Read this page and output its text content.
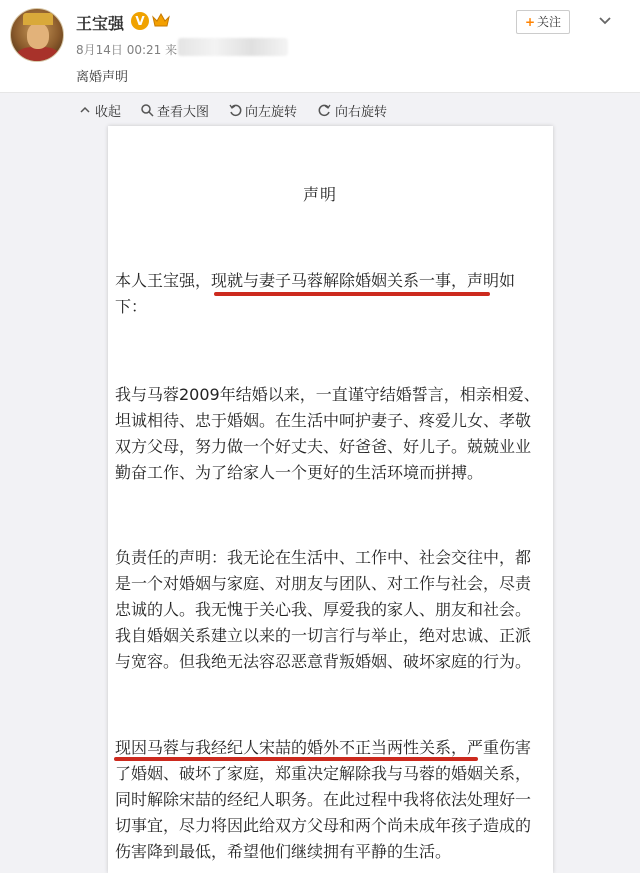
王宝强 V
8月14日 00:21 来
离婚声明
+ 关注
收起	查看大图	向左旋转	向右旋转
声明
本人王宝强，现就与妻子马蓉解除婚姻关系一事，声明如
下：
我与马蓉2009年结婚以来，一直谨守结婚誓言，相亲相爱、
坦诚相待、忠于婚姻。在生活中呵护妻子、疼爱儿女、孝敬
双方父母，努力做一个好丈夫、好爸爸、好儿子。兢兢业业
勤奋工作、为了给家人一个更好的生活环境而拼搏。
负责任的声明：我无论在生活中、工作中、社会交往中，都
是一个对婚姻与家庭、对朋友与团队、对工作与社会，尽责
忠诚的人。我无愧于关心我、厚爱我的家人、朋友和社会。
我自婚姻关系建立以来的一切言行与举止，绝对忠诚、正派
与宽容。但我绝无法容忍恶意背叛婚姻、破坏家庭的行为。
现因马蓉与我经纪人宋喆的婚外不正当两性关系，严重伤害
了婚姻、破坏了家庭，郑重决定解除我与马蓉的婚姻关系，
同时解除宋喆的经纪人职务。在此过程中我将依法处理好一
切事宜，尽力将因此给双方父母和两个尚未成年孩子造成的
伤害降到最低，希望他们继续拥有平静的生活。
